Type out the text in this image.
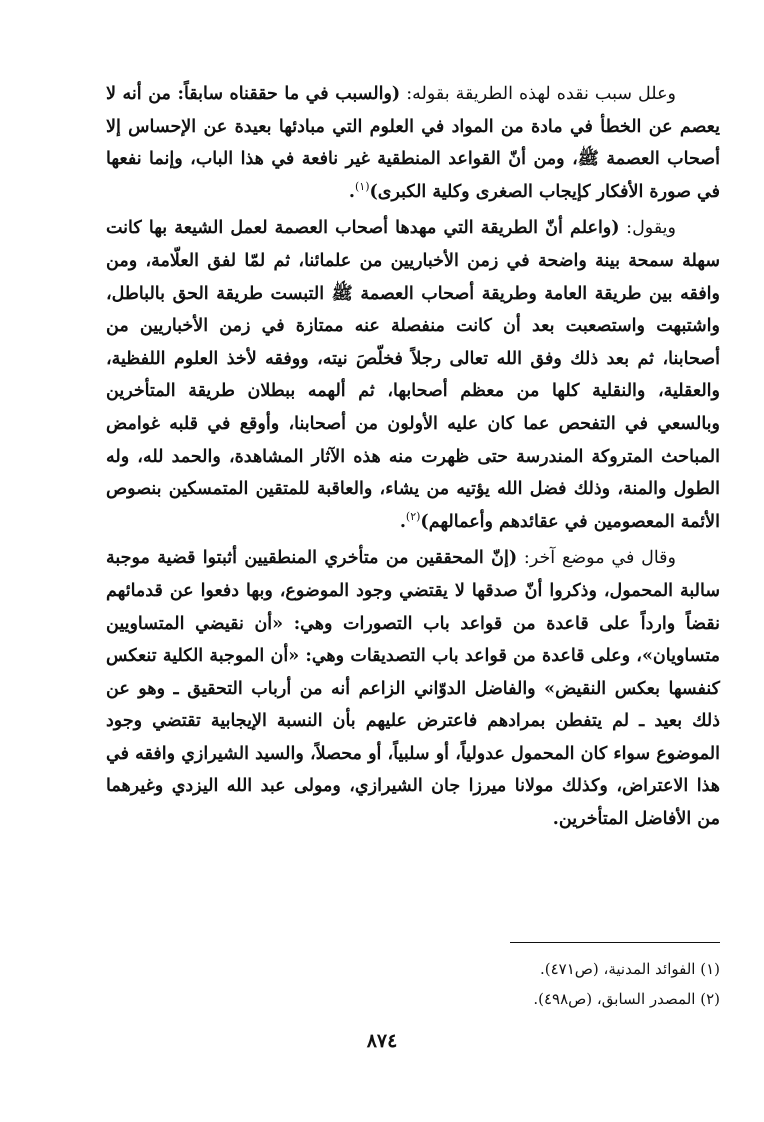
وعلل سبب نقده لهذه الطريقة بقوله: (والسبب في ما حققناه سابقاً: من أنه لا يعصم عن الخطأ في مادة من المواد في العلوم التي مبادئها بعيدة عن الإحساس إلا أصحاب العصمة ﷺ، ومن أنّ القواعد المنطقية غير نافعة في هذا الباب، وإنما نفعها في صورة الأفكار كإيجاب الصغرى وكلية الكبرى)$^{(١)}$.

ويقول: (واعلم أنّ الطريقة التي مهدها أصحاب العصمة لعمل الشيعة بها كانت سهلة سمحة بينة واضحة في زمن الأخباريين من علمائنا، ثم لمّا لفق العلّامة، ومن وافقه بين طريقة العامة وطريقة أصحاب العصمة ﷺ التبست طريقة الحق بالباطل، واشتبهت واستصعبت بعد أن كانت منفصلة عنه ممتازة في زمن الأخباريين من أصحابنا، ثم بعد ذلك وفق الله تعالى رجلاً فخلّصَ نيته، ووفقه لأخذ العلوم اللفظية، والعقلية، والنقلية كلها من معظم أصحابها، ثم ألهمه ببطلان طريقة المتأخرين وبالسعي في التفحص عما كان عليه الأولون من أصحابنا، وأوقع في قلبه غوامض المباحث المتروكة المندرسة حتى ظهرت منه هذه الآثار المشاهدة، والحمد لله، وله الطول والمنة، وذلك فضل الله يؤتيه من يشاء، والعاقبة للمتقين المتمسكين بنصوص الأئمة المعصومين في عقائدهم وأعمالهم)$^{(٢)}$.

وقال في موضع آخر: (إنّ المحققين من متأخري المنطقيين أثبتوا قضية موجبة سالبة المحمول، وذكروا أنّ صدقها لا يقتضي وجود الموضوع، وبها دفعوا عن قدمائهم نقضاً وارداً على قاعدة من قواعد باب التصورات وهي: «أن نقيضي المتساويين متساويان»، وعلى قاعدة من قواعد باب التصديقات وهي: «أن الموجبة الكلية تنعكس كنفسها بعكس النقيض» والفاضل الدوّاني الزاعم أنه من أرباب التحقيق ـ وهو عن ذلك بعيد ـ لم يتفطن بمرادهم فاعترض عليهم بأن النسبة الإيجابية تقتضي وجود الموضوع سواء كان المحمول عدولياً، أو سلبياً، أو محصلاً، والسيد الشيرازي وافقه في هذا الاعتراض، وكذلك مولانا ميرزا جان الشيرازي، ومولى عبد الله اليزدي وغيرهما من الأفاضل المتأخرين.

(١) الفوائد المدنية، (ص٤٧١).
(٢) المصدر السابق، (ص٤٩٨).
٨٧٤
